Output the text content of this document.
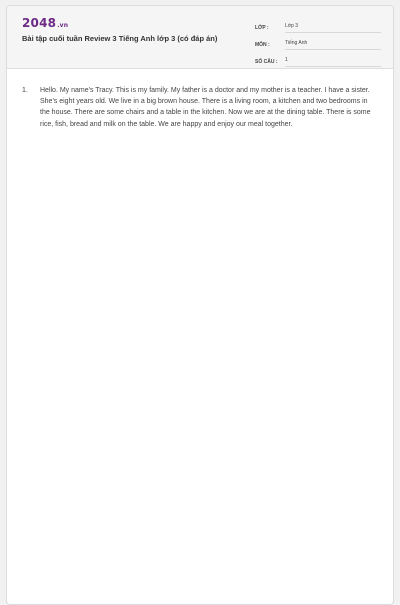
2048.vn
Bài tập cuối tuần Review 3 Tiếng Anh lớp 3 (có đáp án)
LỚP :	Lớp 3
MÔN :	Tiếng Anh
SỐ CÂU :	1
1.	Hello. My name's Tracy. This is my family. My father is a doctor and my mother is a teacher. I have a sister. She's eight years old. We live in a big brown house. There is a living room, a kitchen and two bedrooms in the house. There are some chairs and a table in the kitchen. Now we are at the dining table. There is some rice, fish, bread and milk on the table. We are happy and enjoy our meal together.
